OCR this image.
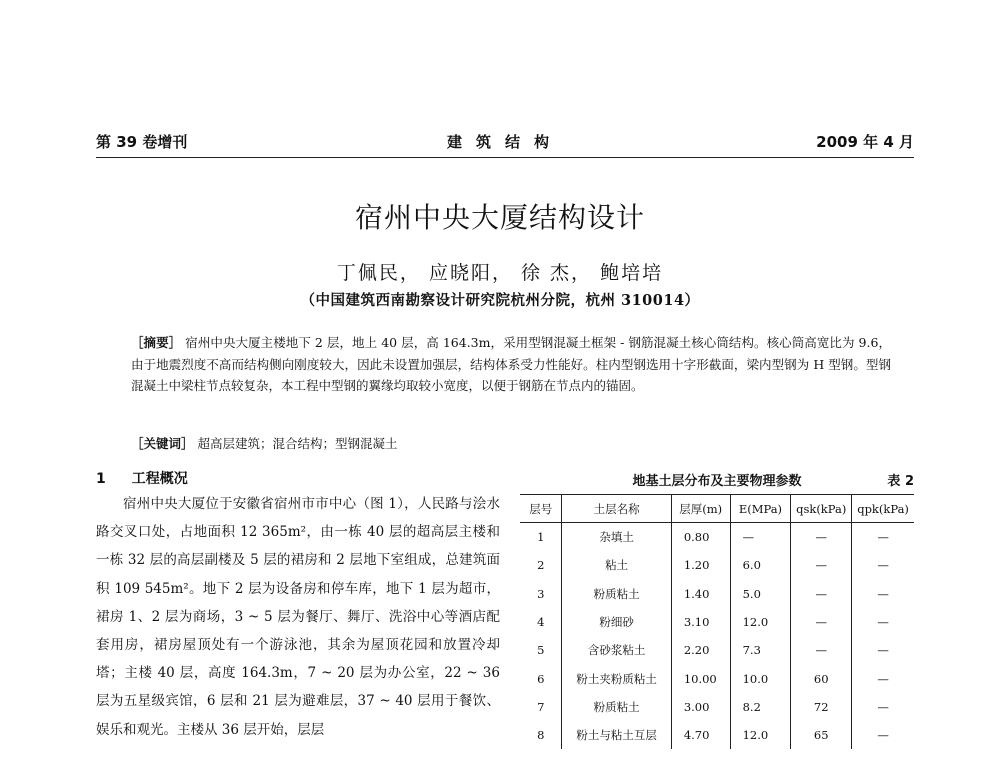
第 39 卷增刊	建筑结构	2009 年 4 月
宿州中央大厦结构设计
丁佩民， 应晓阳， 徐 杰， 鲍培培
（中国建筑西南勘察设计研究院杭州分院，杭州 310014）
［摘要］ 宿州中央大厦主楼地下 2 层，地上 40 层，高 164.3m，采用型钢混凝土框架 - 钢筋混凝土核心筒结构。核心筒高宽比为 9.6，由于地震烈度不高而结构侧向刚度较大，因此未设置加强层，结构体系受力性能好。柱内型钢选用十字形截面，梁内型钢为 H 型钢。型钢混凝土中梁柱节点较复杂，本工程中型钢的翼缘均取较小宽度，以便于钢筋在节点内的锚固。
［关键词］ 超高层建筑；混合结构；型钢混凝土
1 工程概况
宿州中央大厦位于安徽省宿州市市中心（图 1），人民路与浍水路交叉口处，占地面积 12 365m²，由一栋 40 层的超高层主楼和一栋 32 层的高层副楼及 5 层的裙房和 2 层地下室组成，总建筑面积 109 545m²。地下 2 层为设备房和停车库，地下 1 层为超市，裙房 1、2 层为商场，3 ~ 5 层为餐厅、舞厅、洗浴中心等酒店配套用房，裙房屋顶处有一个游泳池，其余为屋顶花园和放置冷却塔；主楼 40 层，高度 164.3m，7 ~ 20 层为办公室，22 ~ 36 层为五星级宾馆，6 层和 21 层为避难层，37 ~ 40 层用于餐饮、娱乐和观光。主楼从 36 层开始，层层
地基土层分布及主要物理参数	表 2
层号	土层名称	层厚(m)	E(MPa)	qsk(kPa)	qpk(kPa)
1	杂填土	0.80	—	—	—
2	粘土	1.20	6.0	—	—
3	粉质粘土	1.40	5.0	—	—
4	粉细砂	3.10	12.0	—	—
5	含砂浆粘土	2.20	7.3	—	—
6	粉土夹粉质粘土	10.00	10.0	60	—
7	粉质粘土	3.00	8.2	72	—
8	粉土与粘土互层	4.70	12.0	65	—
